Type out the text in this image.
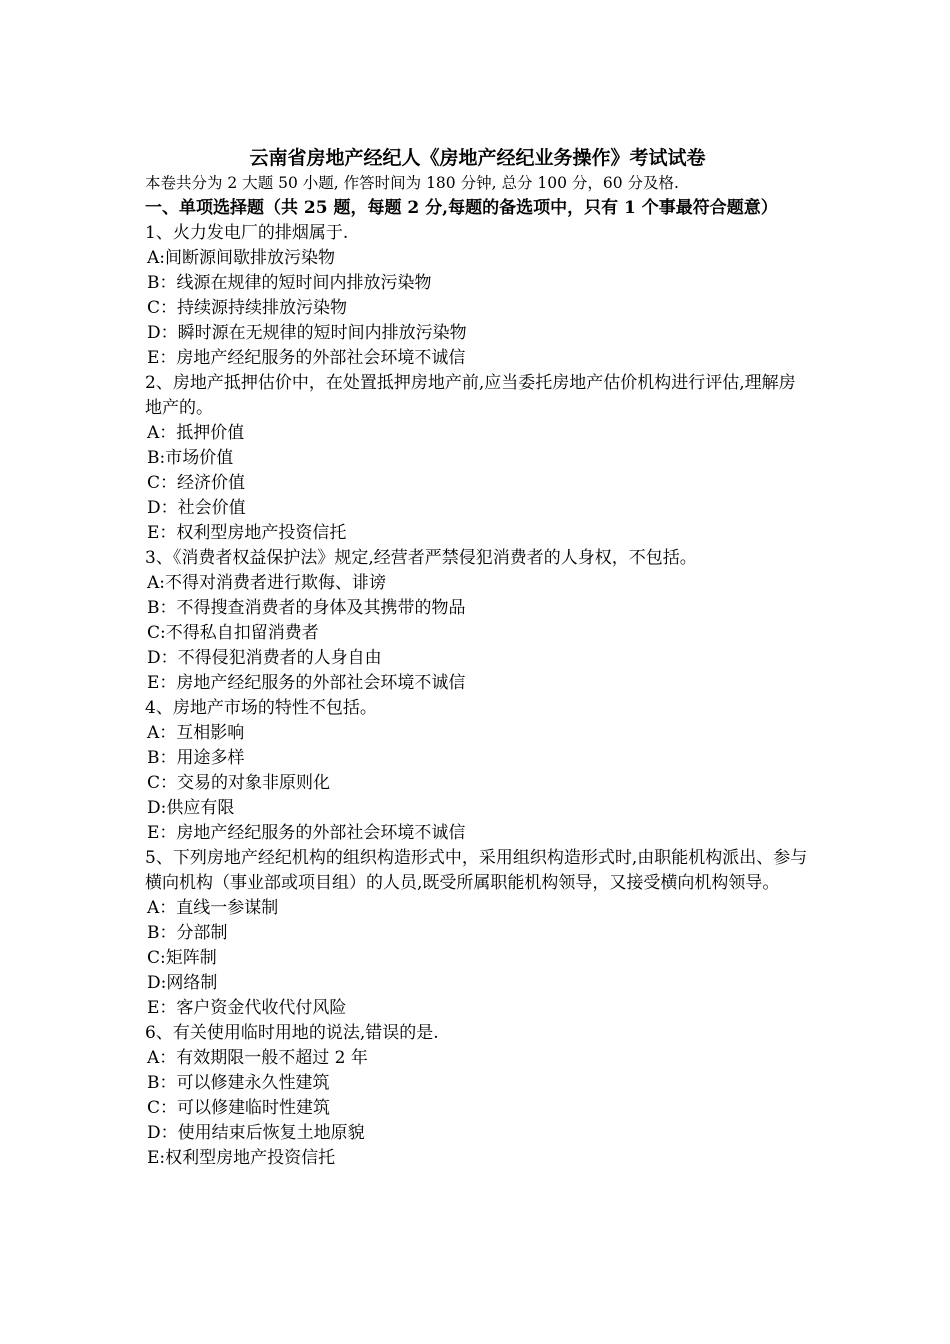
云南省房地产经纪人《房地产经纪业务操作》考试试卷
本卷共分为 2 大题 50 小题, 作答时间为 180 分钟, 总分 100 分，60 分及格.
一、单项选择题（共 25 题，每题 2 分,每题的备选项中，只有 1 个事最符合题意）
1、火力发电厂的排烟属于.
A:间断源间歇排放污染物
B：线源在规律的短时间内排放污染物
C：持续源持续排放污染物
D：瞬时源在无规律的短时间内排放污染物
E：房地产经纪服务的外部社会环境不诚信
2、房地产抵押估价中，在处置抵押房地产前,应当委托房地产估价机构进行评估,理解房地产的。
A：抵押价值
B:市场价值
C：经济价值
D：社会价值
E：权利型房地产投资信托
3、《消费者权益保护法》规定,经营者严禁侵犯消费者的人身权，不包括。
A:不得对消费者进行欺侮、诽谤
B：不得搜查消费者的身体及其携带的物品
C:不得私自扣留消费者
D：不得侵犯消费者的人身自由
E：房地产经纪服务的外部社会环境不诚信
4、房地产市场的特性不包括。
A：互相影响
B：用途多样
C：交易的对象非原则化
D:供应有限
E：房地产经纪服务的外部社会环境不诚信
5、下列房地产经纪机构的组织构造形式中，采用组织构造形式时,由职能机构派出、参与横向机构（事业部或项目组）的人员,既受所属职能机构领导，又接受横向机构领导。
A：直线一参谋制
B：分部制
C:矩阵制
D:网络制
E：客户资金代收代付风险
6、有关使用临时用地的说法,错误的是.
A：有效期限一般不超过 2 年
B：可以修建永久性建筑
C：可以修建临时性建筑
D：使用结束后恢复土地原貌
E:权利型房地产投资信托
